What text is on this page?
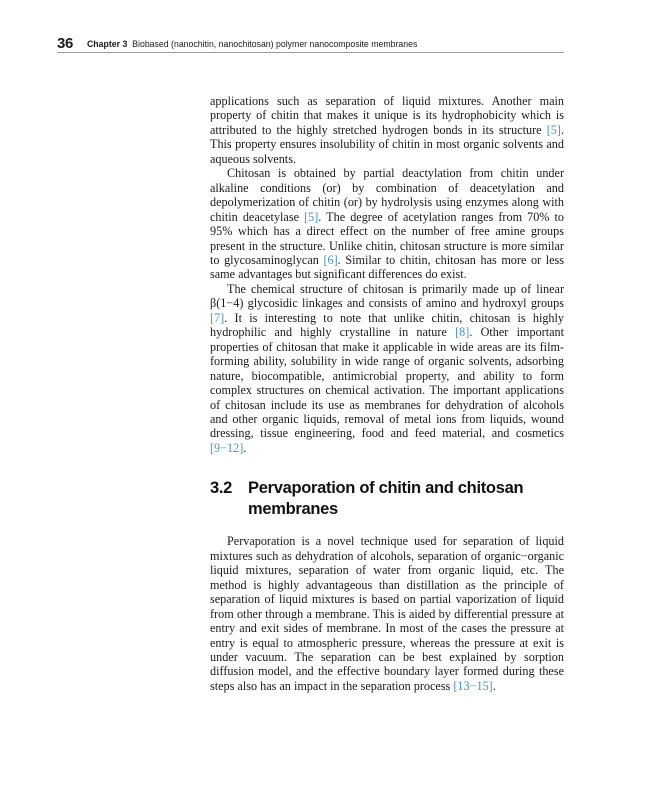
36 Chapter 3 Biobased (nanochitin, nanochitosan) polymer nanocomposite membranes

applications such as separation of liquid mixtures. Another main property of chitin that makes it unique is its hydrophobicity which is attributed to the highly stretched hydrogen bonds in its structure [5]. This property ensures insolubility of chitin in most organic solvents and aqueous solvents.

Chitosan is obtained by partial deactylation from chitin under alkaline conditions (or) by combination of deacetylation and depolymerization of chitin (or) by hydrolysis using enzymes along with chitin deacetylase [5]. The degree of acetylation ranges from 70% to 95% which has a direct effect on the number of free amine groups present in the structure. Unlike chitin, chitosan structure is more similar to glycosaminoglycan [6]. Similar to chitin, chitosan has more or less same advantages but significant differences do exist.

The chemical structure of chitosan is primarily made up of linear β(1−4) glycosidic linkages and consists of amino and hydroxyl groups [7]. It is interesting to note that unlike chitin, chitosan is highly hydrophilic and highly crystalline in nature [8]. Other important properties of chitosan that make it applicable in wide areas are its film-forming ability, solubility in wide range of organic solvents, adsorbing nature, biocompatible, antimicrobial property, and ability to form complex structures on chemical activation. The important applications of chitosan include its use as membranes for dehydration of alcohols and other organic liquids, removal of metal ions from liquids, wound dressing, tissue engineering, food and feed material, and cosmetics [9−12].

3.2 Pervaporation of chitin and chitosan membranes

Pervaporation is a novel technique used for separation of liquid mixtures such as dehydration of alcohols, separation of organic−organic liquid mixtures, separation of water from organic liquid, etc. The method is highly advantageous than distillation as the principle of separation of liquid mixtures is based on partial vaporization of liquid from other through a membrane. This is aided by differential pressure at entry and exit sides of membrane. In most of the cases the pressure at entry is equal to atmospheric pressure, whereas the pressure at exit is under vacuum. The separation can be best explained by sorption diffusion model, and the effective boundary layer formed during these steps also has an impact in the separation process [13−15].
